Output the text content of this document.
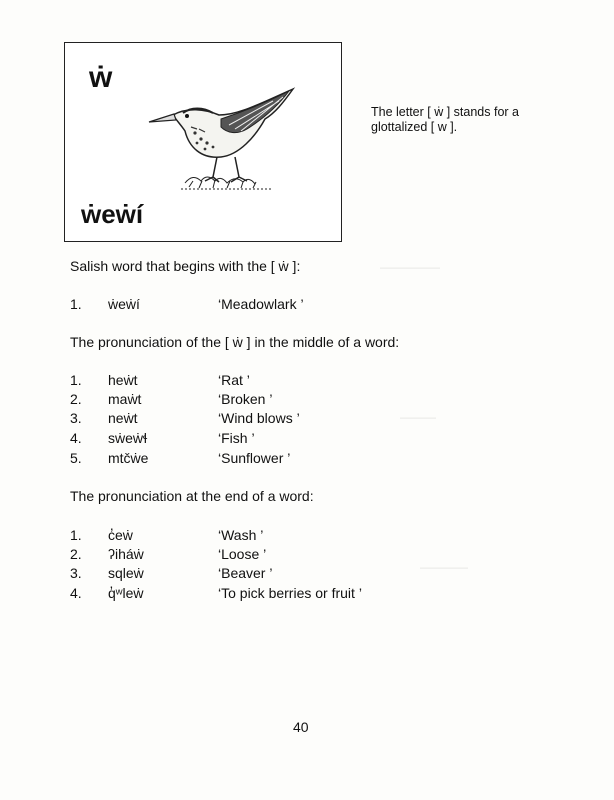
—————
———
————
ẇ
ẇeẇí
The letter [ ẇ ] stands for a glottalized [ w ].
Salish word that begins with the [ ẇ ]:
1. ẇeẇí	‘Meadowlark ’
The pronunciation of the [ ẇ ] in the middle of a word:
1. heẇt	‘Rat ’
2. maẇt	‘Broken ’
3. neẇt	‘Wind blows ’
4. sẇeẇɬ	‘Fish ’
5. mtčẇe	‘Sunflower ’
The pronunciation at the end of a word:
1. c̓eẇ	‘Wash ’
2. ʔiháẇ	‘Loose ’
3. sqleẇ	‘Beaver ’
4. q̓ʷleẇ	‘To pick berries or fruit ’
40
